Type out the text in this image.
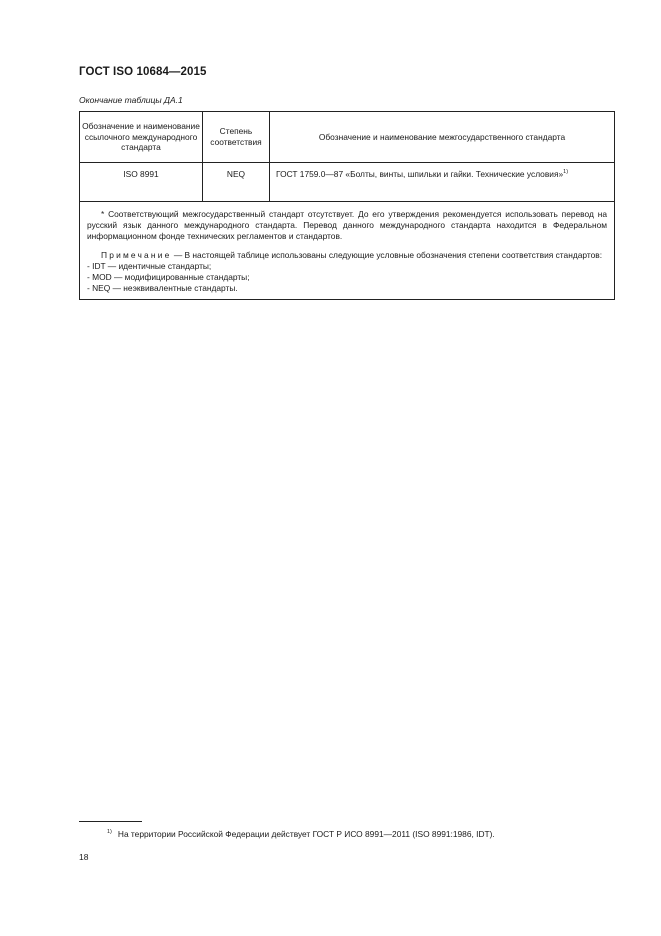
ГОСТ ISO 10684—2015
Окончание таблицы ДА.1
Обозначение и наименование ссылочного международного стандарта	Степень соответствия	Обозначение и наименование межгосударственного стандарта
ISO 8991	NEQ	ГОСТ 1759.0—87 «Болты, винты, шпильки и гайки. Технические условия»$^{1)}$

* Соответствующий межгосударственный стандарт отсутствует. До его утверждения рекомендуется использовать перевод на русский язык данного международного стандарта. Перевод данного международного стандарта находится в Федеральном информационном фонде технических регламентов и стандартов.

Примечание — В настоящей таблице использованы следующие условные обозначения степени соответствия стандартов:

- IDT — идентичные стандарты;

- MOD — модифицированные стандарты;

- NEQ — неэквивалентные стандарты.		

$^{1)}$ На территории Российской Федерации действует ГОСТ Р ИСО 8991—2011 (ISO 8991:1986, IDT).
18
